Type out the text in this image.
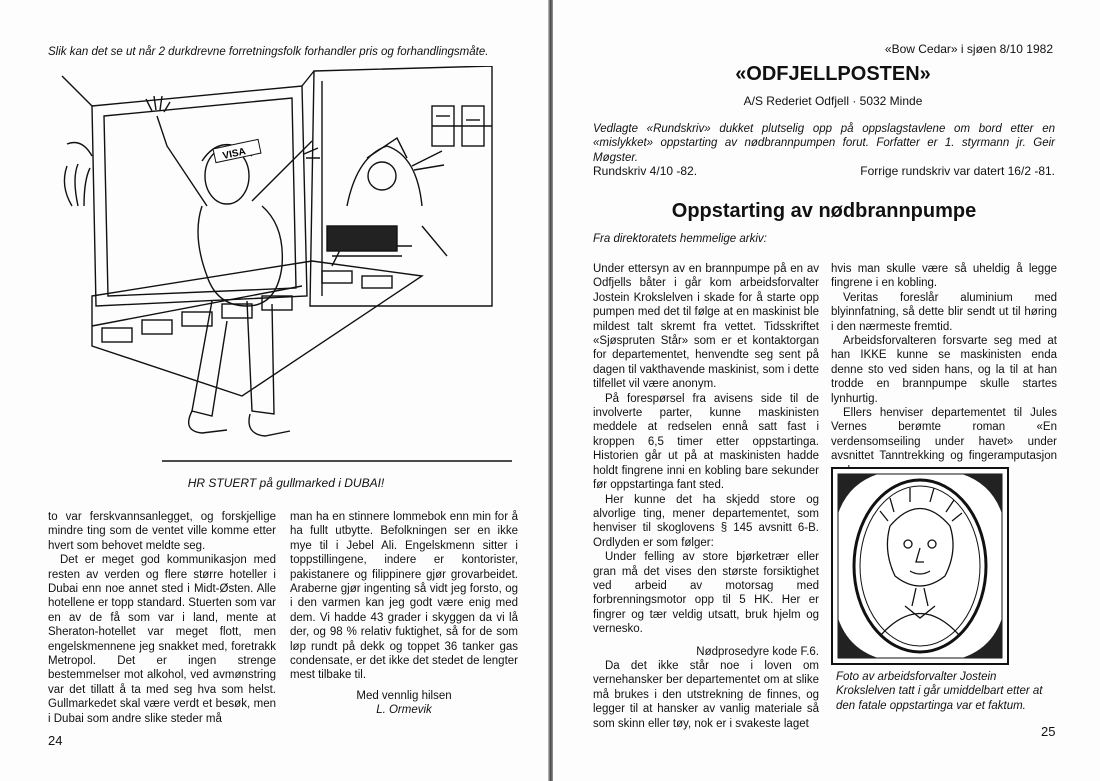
Slik kan det se ut når 2 durkdrevne forretningsfolk forhandler pris og forhandlingsmåte.
VISA
HR STUERT på gullmarked i DUBAI!

to var ferskvannsanlegget, og forskjellige mindre ting som de ventet ville komme etter hvert som behovet meldte seg.

Det er meget god kommunikasjon med resten av verden og flere større hoteller i Dubai enn noe annet sted i Midt-Østen. Alle hotellene er topp standard. Stuerten som var en av de få som var i land, mente at Sheraton-hotellet var meget flott, men engelskmennene jeg snakket med, foretrakk Metropol. Det er ingen strenge bestemmelser mot alkohol, ved avmønstring var det tillatt å ta med seg hva som helst. Gullmarkedet skal være verdt et besøk, men i Dubai som andre slike steder må

man ha en stinnere lommebok enn min for å ha fullt utbytte. Befolkningen ser en ikke mye til i Jebel Ali. Engelskmenn sitter i toppstillingene, indere er kontorister, pakistanere og filippinere gjør grovarbeidet. Araberne gjør ingenting så vidt jeg forsto, og i den varmen kan jeg godt være enig med dem. Vi hadde 43 grader i skyggen da vi lå der, og 98 % relativ fuktighet, så for de som løp rundt på dekk og toppet 36 tanker gas condensate, er det ikke det stedet de lengter mest tilbake til.

Med vennlig hilsen

L. Ormevik

24
«Bow Cedar» i sjøen 8/10 1982
«ODFJELLPOSTEN»
A/S Rederiet Odfjell · 5032 Minde
Vedlagte «Rundskriv» dukket plutselig opp på oppslagstavlene om bord etter en «mislykket» oppstarting av nødbrannpumpen forut. Forfatter er 1. styrmann jr. Geir Møgster.
Rundskriv 4/10 -82.	Forrige rundskriv var datert 16/2 -81.
Oppstarting av nødbrannpumpe
Fra direktoratets hemmelige arkiv:

Under ettersyn av en brannpumpe på en av Odfjells båter i går kom arbeidsforvalter Jostein Krokslelven i skade for å starte opp pumpen med det til følge at en maskinist ble mildest talt skremt fra vettet. Tidsskriftet «Sjøspruten Står» som er et kontaktorgan for departementet, henvendte seg sent på dagen til vakthavende maskinist, som i dette tilfellet vil være anonym.

På forespørsel fra avisens side til de involverte parter, kunne maskinisten meddele at redselen ennå satt fast i kroppen 6,5 timer etter oppstartinga. Historien går ut på at maskinisten hadde holdt fingrene inni en kobling bare sekunder før oppstartinga fant sted.

Her kunne det ha skjedd store og alvorlige ting, mener departementet, som henviser til skoglovens § 145 avsnitt 6-B. Ordlyden er som følger:

Under felling av store bjørketrær eller gran må det vises den største forsiktighet ved arbeid av motorsag med forbrenningsmotor opp til 5 HK. Her er fingrer og tær veldig utsatt, bruk hjelm og vernesko.

Nødprosedyre kode F.6.

Da det ikke står noe i loven om vernehansker ber departementet om at slike må brukes i den utstrekning de finnes, og legger til at hansker av vanlig materiale så som skinn eller tøy, nok er i svakeste laget

hvis man skulle være så uheldig å legge fingrene i en kobling.

Veritas foreslår aluminium med blyinnfatning, så dette blir sendt ut til høring i den nærmeste fremtid.

Arbeidsforvalteren forsvarte seg med at han IKKE kunne se maskinisten enda denne sto ved siden hans, og la til at han trodde en brannpumpe skulle startes lynhurtig.

Ellers henviser departementet til Jules Vernes berømte roman «En verdensomseiling under havet» under avsnittet Tanntrekking og fingeramputasjon

Foto av arbeidsforvalter Jostein Krokslelven tatt i går umiddelbart etter at den fatale oppstartinga var et faktum.
25
